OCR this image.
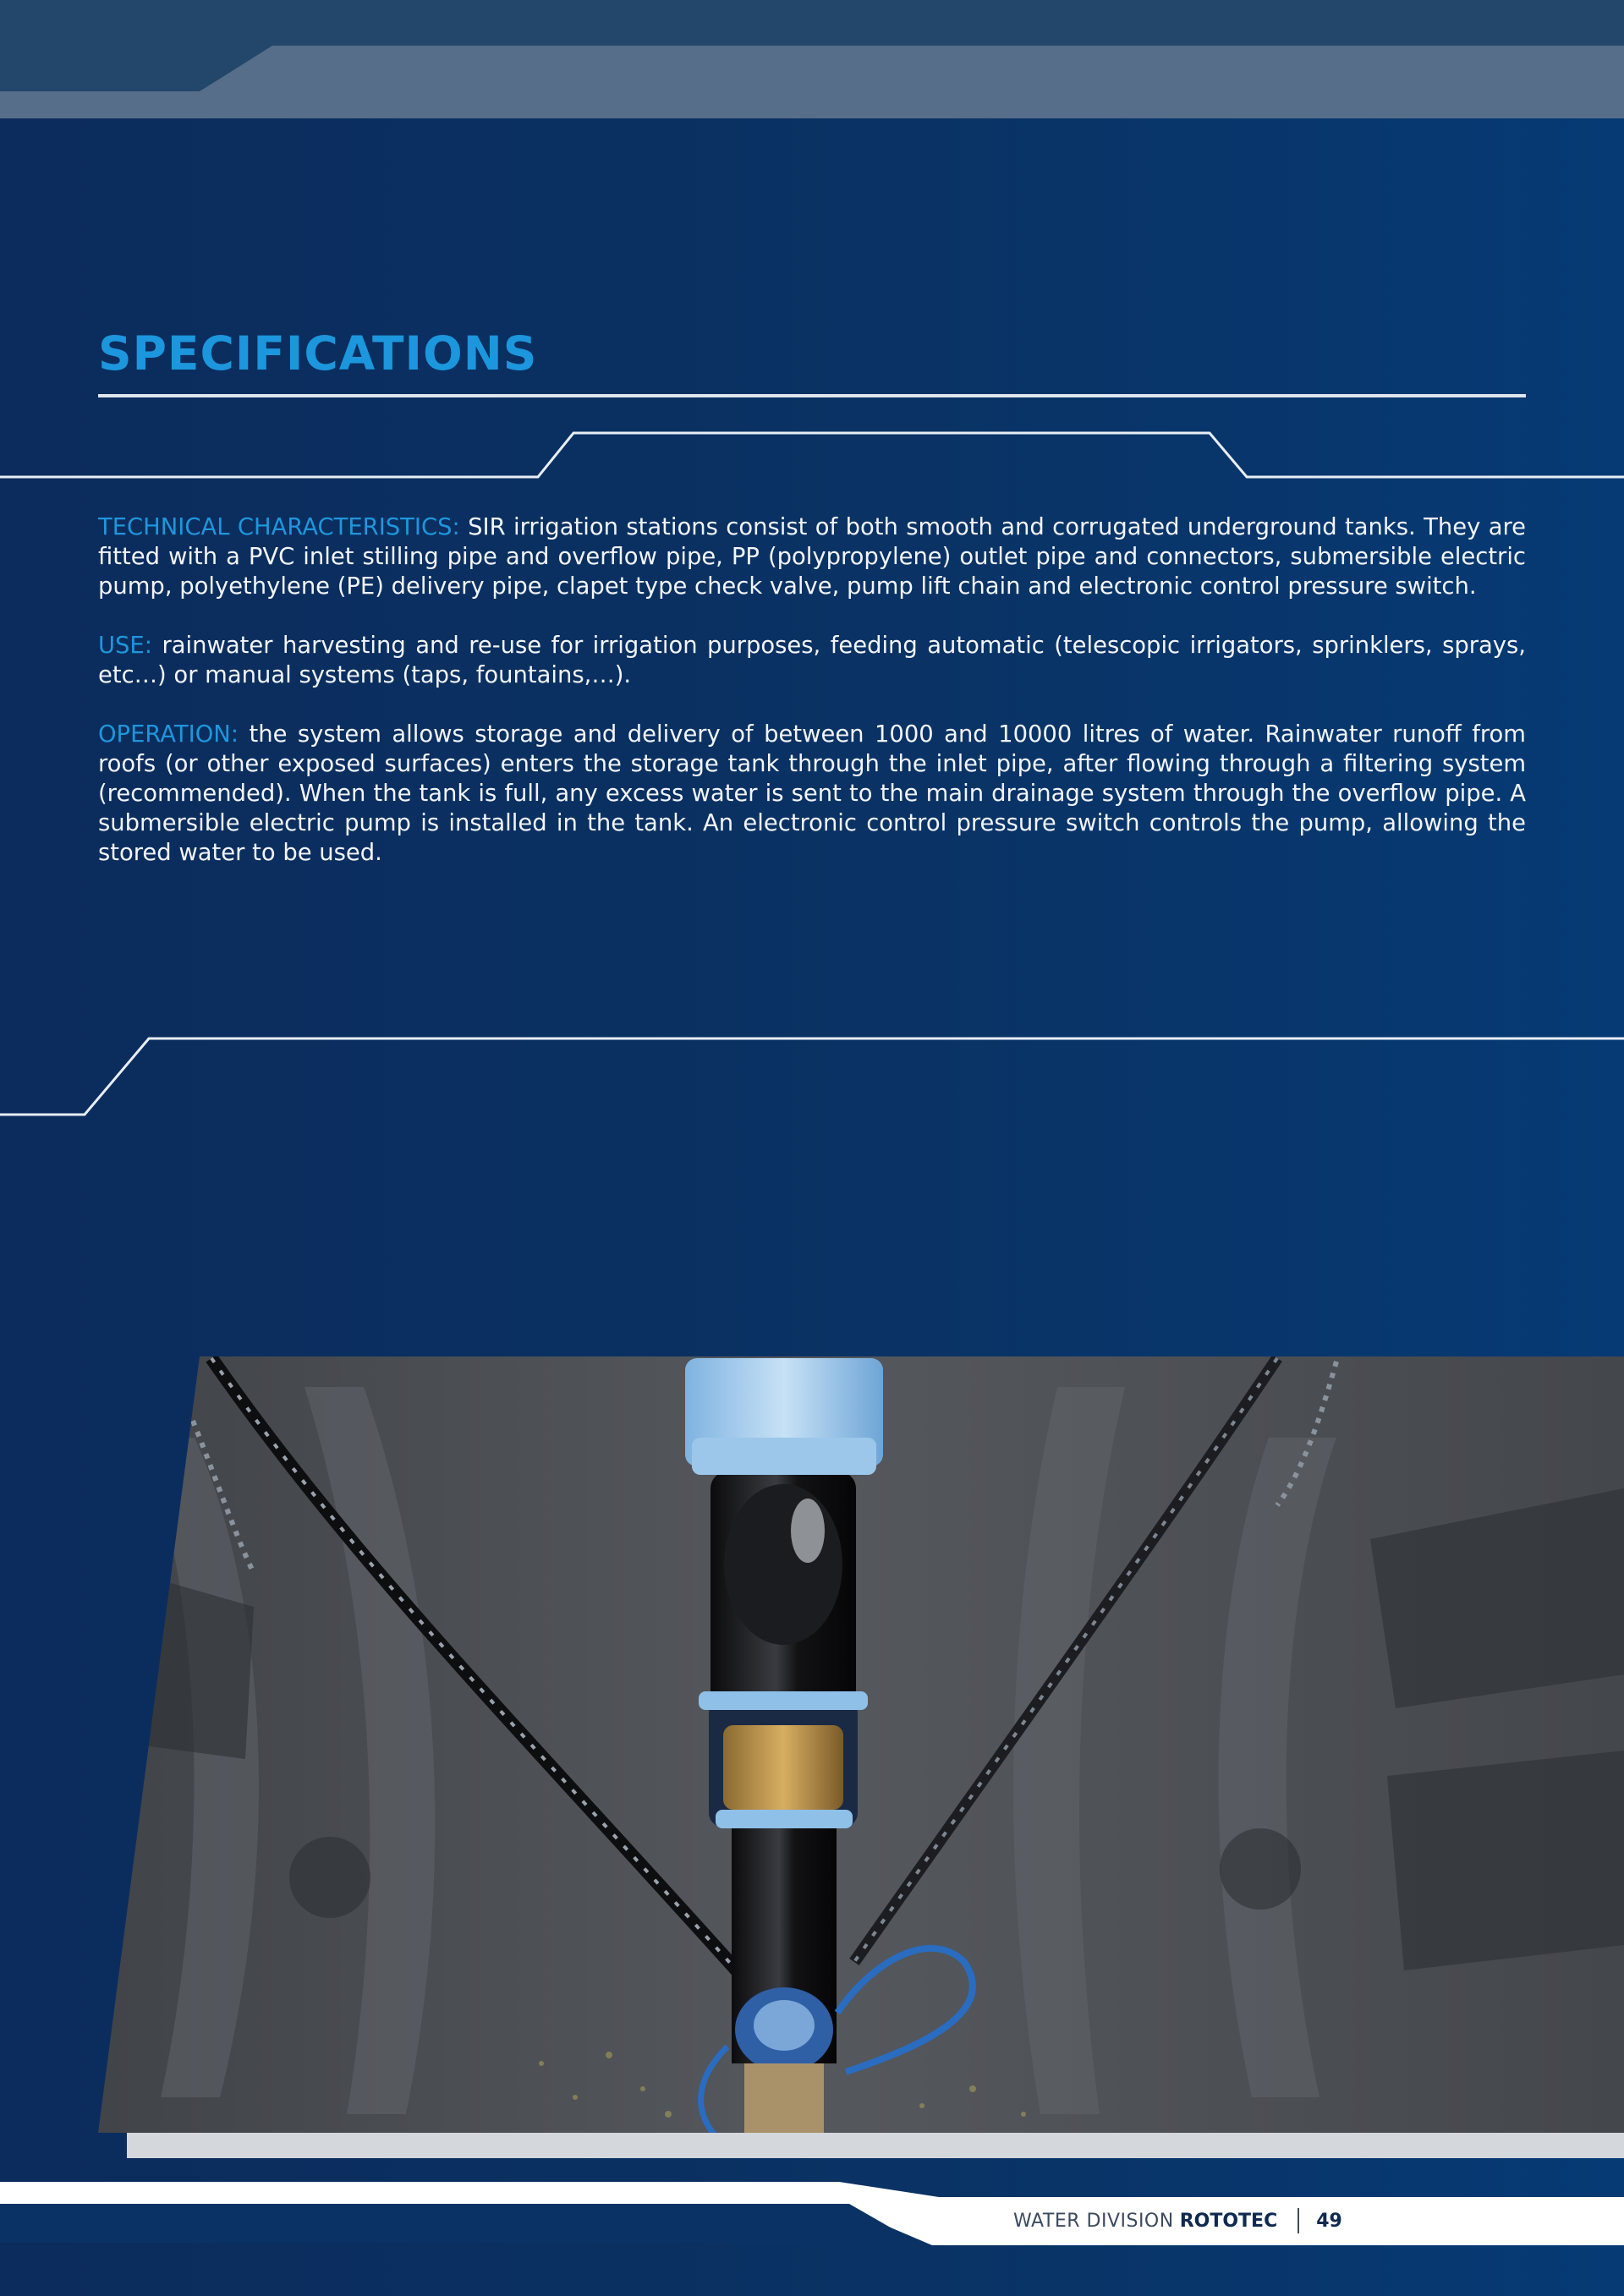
SPECIFICATIONS

TECHNICAL CHARACTERISTICS: SIR irrigation stations consist of both smooth and corrugated underground tanks. They are fitted with a PVC inlet stilling pipe and overflow pipe, PP (polypropylene) outlet pipe and connectors, submersible electric pump, polyethylene (PE) delivery pipe, clapet type check valve, pump lift chain and electronic control pressure switch.

USE: rainwater harvesting and re-use for irrigation purposes, feeding automatic (telescopic irrigators, sprinklers, sprays, etc…) or manual systems (taps, fountains,…).

OPERATION: the system allows storage and delivery of between 1000 and 10000 litres of water. Rainwater runoff from roofs (or other exposed surfaces) enters the storage tank through the inlet pipe, after flowing through a filtering system (recommended). When the tank is full, any excess water is sent to the main drainage system through the overflow pipe. A submersible electric pump is installed in the tank. An electronic control pressure switch controls the pump, allowing the stored water to be used.

WATER DIVISION ROTOTEC 49
